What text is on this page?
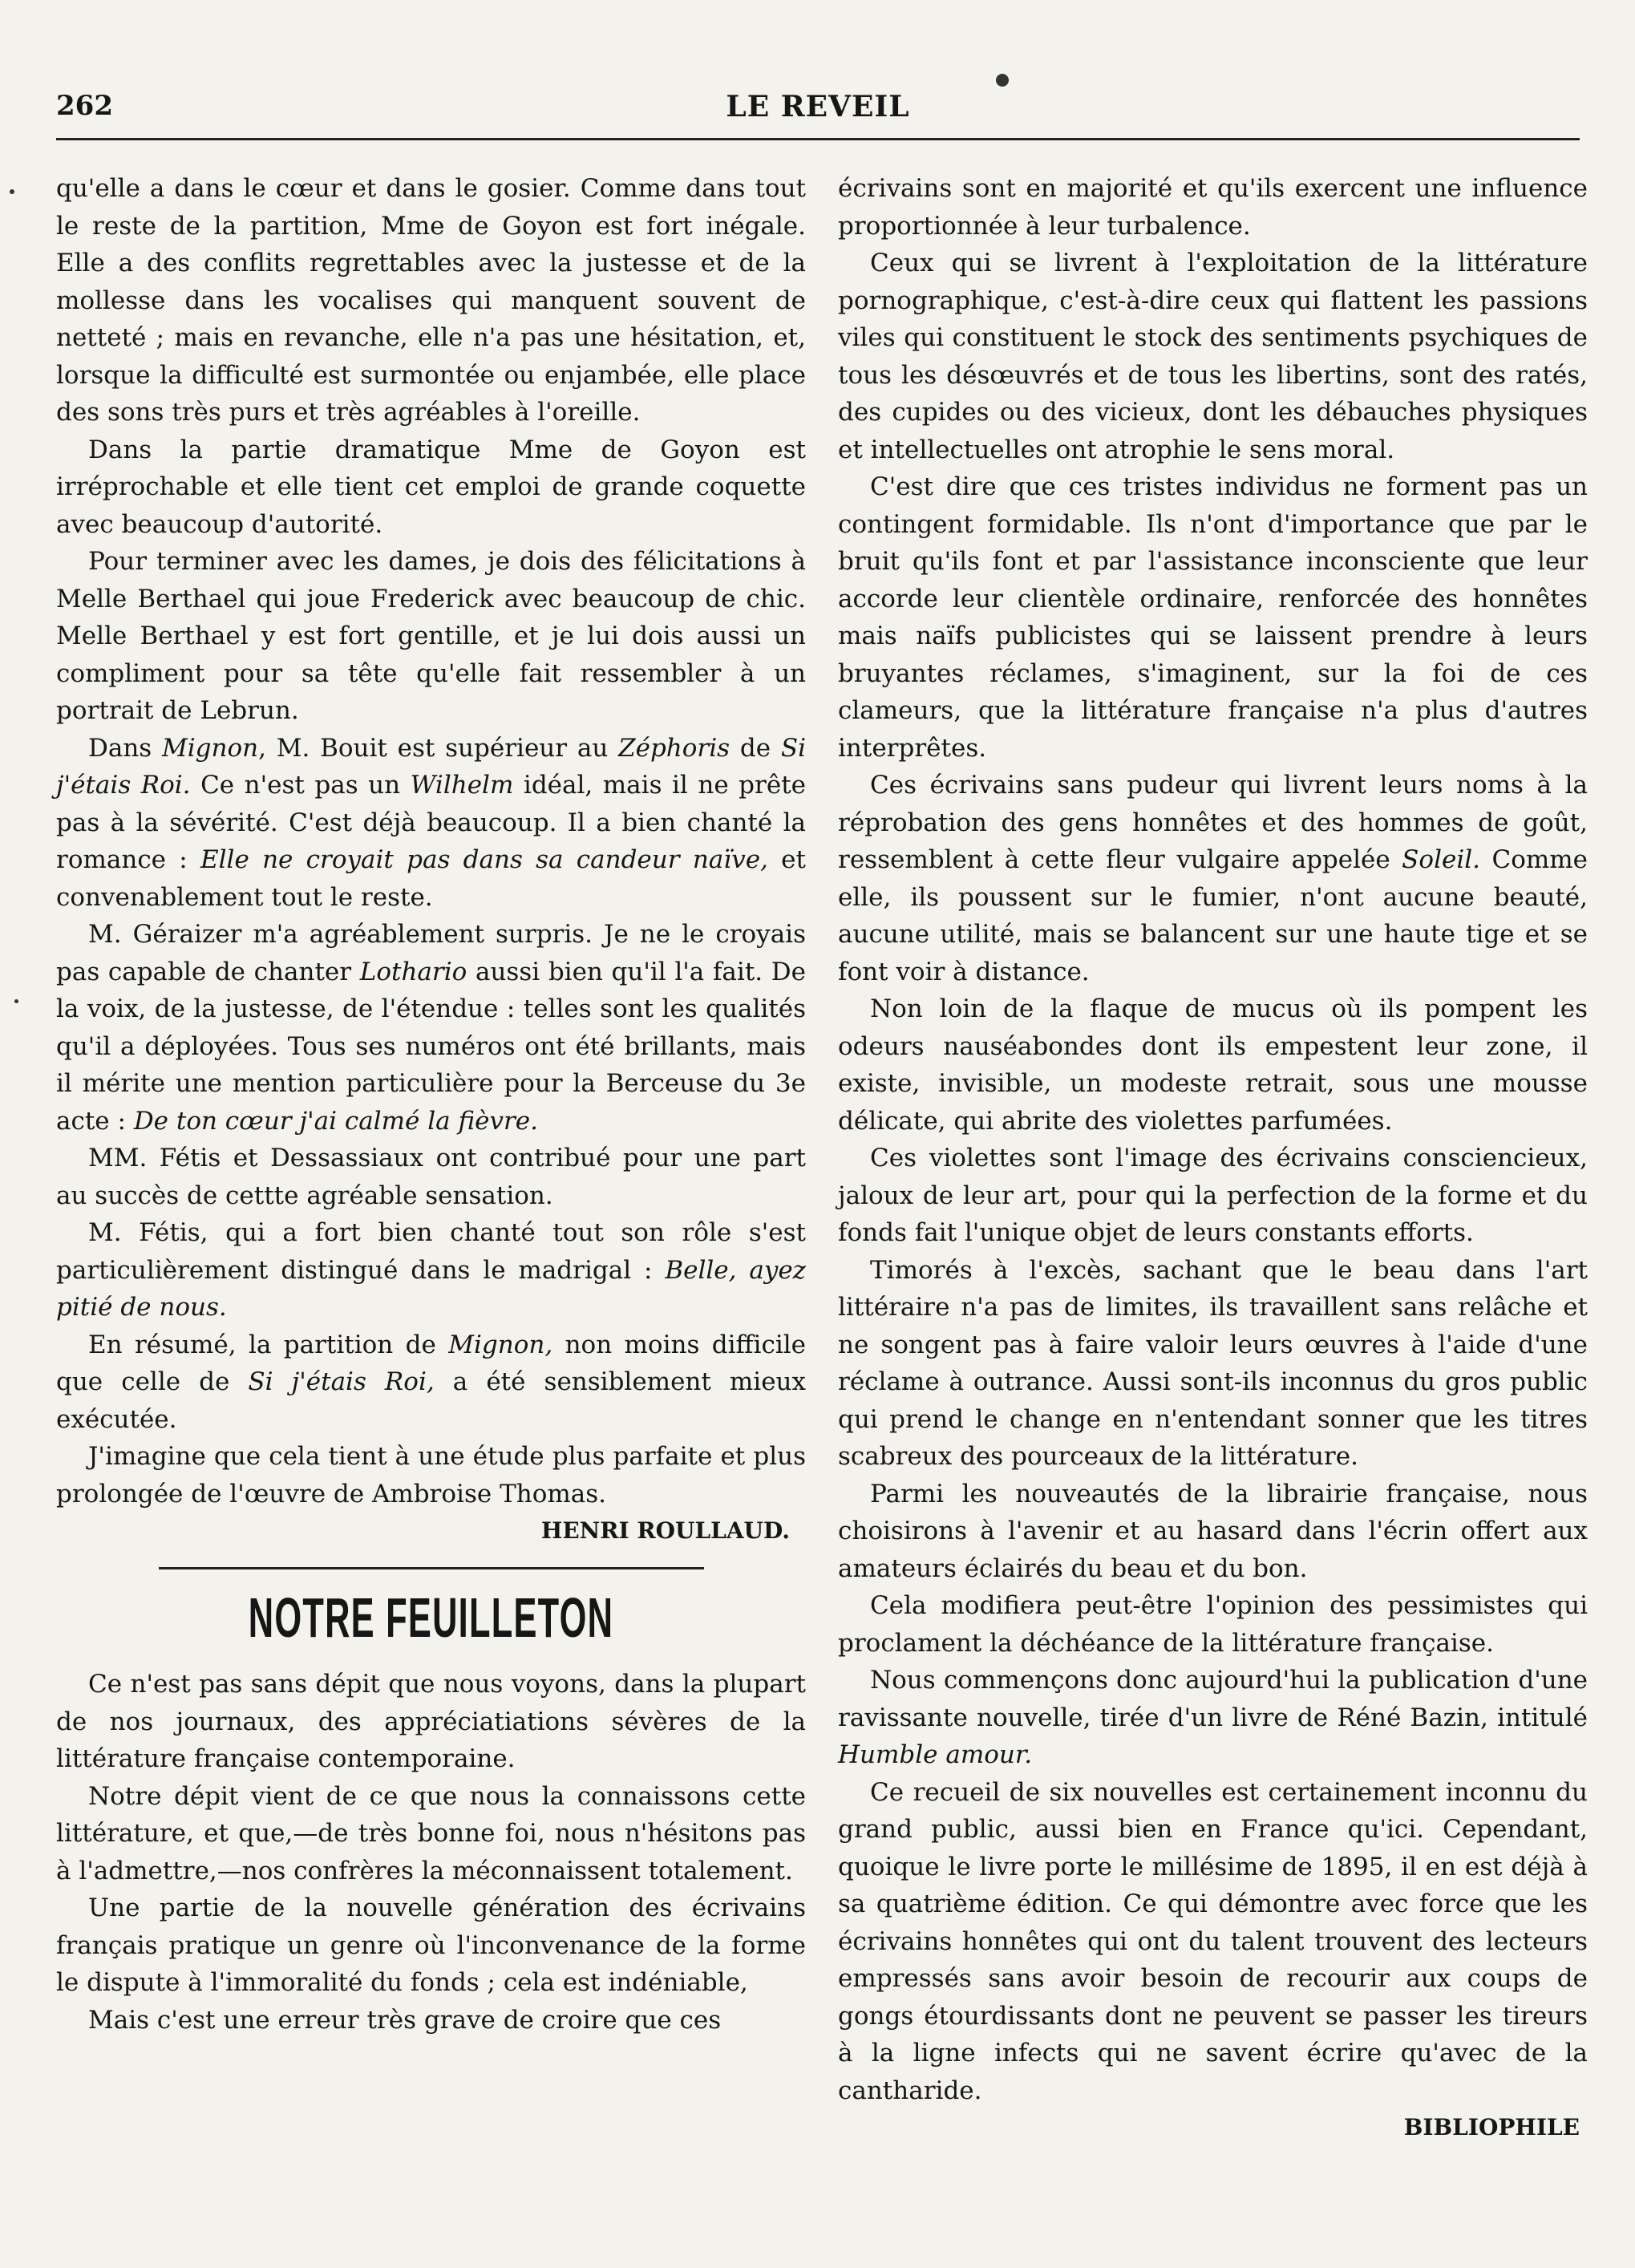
LE REVEIL
262

qu'elle a dans le cœur et dans le gosier. Comme dans tout le reste de la partition, Mme de Goyon est fort inégale. Elle a des conflits regrettables avec la justesse et de la mollesse dans les vocalises qui manquent souvent de netteté ; mais en revanche, elle n'a pas une hésitation, et, lorsque la difficulté est surmontée ou enjambée, elle place des sons très purs et très agréables à l'oreille.

Dans la partie dramatique Mme de Goyon est irréprochable et elle tient cet emploi de grande coquette avec beaucoup d'autorité.

Pour terminer avec les dames, je dois des félicitations à Melle Berthael qui joue Frederick avec beaucoup de chic. Melle Berthael y est fort gentille, et je lui dois aussi un compliment pour sa tête qu'elle fait ressembler à un portrait de Lebrun.

Dans Mignon, M. Bouit est supérieur au Zéphoris de Si j'étais Roi. Ce n'est pas un Wilhelm idéal, mais il ne prête pas à la sévérité. C'est déjà beaucoup. Il a bien chanté la romance : Elle ne croyait pas dans sa candeur naïve, et convenablement tout le reste.

M. Géraizer m'a agréablement surpris. Je ne le croyais pas capable de chanter Lothario aussi bien qu'il l'a fait. De la voix, de la justesse, de l'étendue : telles sont les qualités qu'il a déployées. Tous ses numéros ont été brillants, mais il mérite une mention particulière pour la Berceuse du 3e acte : De ton cœur j'ai calmé la fièvre.

MM. Fétis et Dessassiaux ont contribué pour une part au succès de cettte agréable sensation.

M. Fétis, qui a fort bien chanté tout son rôle s'est particulièrement distingué dans le madrigal : Belle, ayez pitié de nous.

En résumé, la partition de Mignon, non moins difficile que celle de Si j'étais Roi, a été sensiblement mieux exécutée.

J'imagine que cela tient à une étude plus parfaite et plus prolongée de l'œuvre de Ambroise Thomas.

HENRI ROULLAUD.
NOTRE FEUILLETON

Ce n'est pas sans dépit que nous voyons, dans la plupart de nos journaux, des appréciatiations sévères de la littérature française contemporaine.

Notre dépit vient de ce que nous la connaissons cette littérature, et que,—de très bonne foi, nous n'hésitons pas à l'admettre,—nos confrères la méconnaissent totalement.

Une partie de la nouvelle génération des écrivains français pratique un genre où l'inconvenance de la forme le dispute à l'immoralité du fonds ; cela est indéniable,

Mais c'est une erreur très grave de croire que ces

écrivains sont en majorité et qu'ils exercent une influence proportionnée à leur turbalence.

Ceux qui se livrent à l'exploitation de la littérature pornographique, c'est-à-dire ceux qui flattent les passions viles qui constituent le stock des sentiments psychiques de tous les désœuvrés et de tous les libertins, sont des ratés, des cupides ou des vicieux, dont les débauches physiques et intellectuelles ont atrophie le sens moral.

C'est dire que ces tristes individus ne forment pas un contingent formidable. Ils n'ont d'importance que par le bruit qu'ils font et par l'assistance inconsciente que leur accorde leur clientèle ordinaire, renforcée des honnêtes mais naïfs publicistes qui se laissent prendre à leurs bruyantes réclames, s'imaginent, sur la foi de ces clameurs, que la littérature française n'a plus d'autres interprêtes.

Ces écrivains sans pudeur qui livrent leurs noms à la réprobation des gens honnêtes et des hommes de goût, ressemblent à cette fleur vulgaire appelée Soleil. Comme elle, ils poussent sur le fumier, n'ont aucune beauté, aucune utilité, mais se balancent sur une haute tige et se font voir à distance.

Non loin de la flaque de mucus où ils pompent les odeurs nauséabondes dont ils empestent leur zone, il existe, invisible, un modeste retrait, sous une mousse délicate, qui abrite des violettes parfumées.

Ces violettes sont l'image des écrivains consciencieux, jaloux de leur art, pour qui la perfection de la forme et du fonds fait l'unique objet de leurs constants efforts.

Timorés à l'excès, sachant que le beau dans l'art littéraire n'a pas de limites, ils travaillent sans relâche et ne songent pas à faire valoir leurs œuvres à l'aide d'une réclame à outrance. Aussi sont-ils inconnus du gros public qui prend le change en n'entendant sonner que les titres scabreux des pourceaux de la littérature.

Parmi les nouveautés de la librairie française, nous choisirons à l'avenir et au hasard dans l'écrin offert aux amateurs éclairés du beau et du bon.

Cela modifiera peut-être l'opinion des pessimistes qui proclament la déchéance de la littérature française.

Nous commençons donc aujourd'hui la publication d'une ravissante nouvelle, tirée d'un livre de Réné Bazin, intitulé Humble amour.

Ce recueil de six nouvelles est certainement inconnu du grand public, aussi bien en France qu'ici. Cependant, quoique le livre porte le millésime de 1895, il en est déjà à sa quatrième édition. Ce qui démontre avec force que les écrivains honnêtes qui ont du talent trouvent des lecteurs empressés sans avoir besoin de recourir aux coups de gongs étourdissants dont ne peuvent se passer les tireurs à la ligne infects qui ne savent écrire qu'avec de la cantharide.

BIBLIOPHILE
